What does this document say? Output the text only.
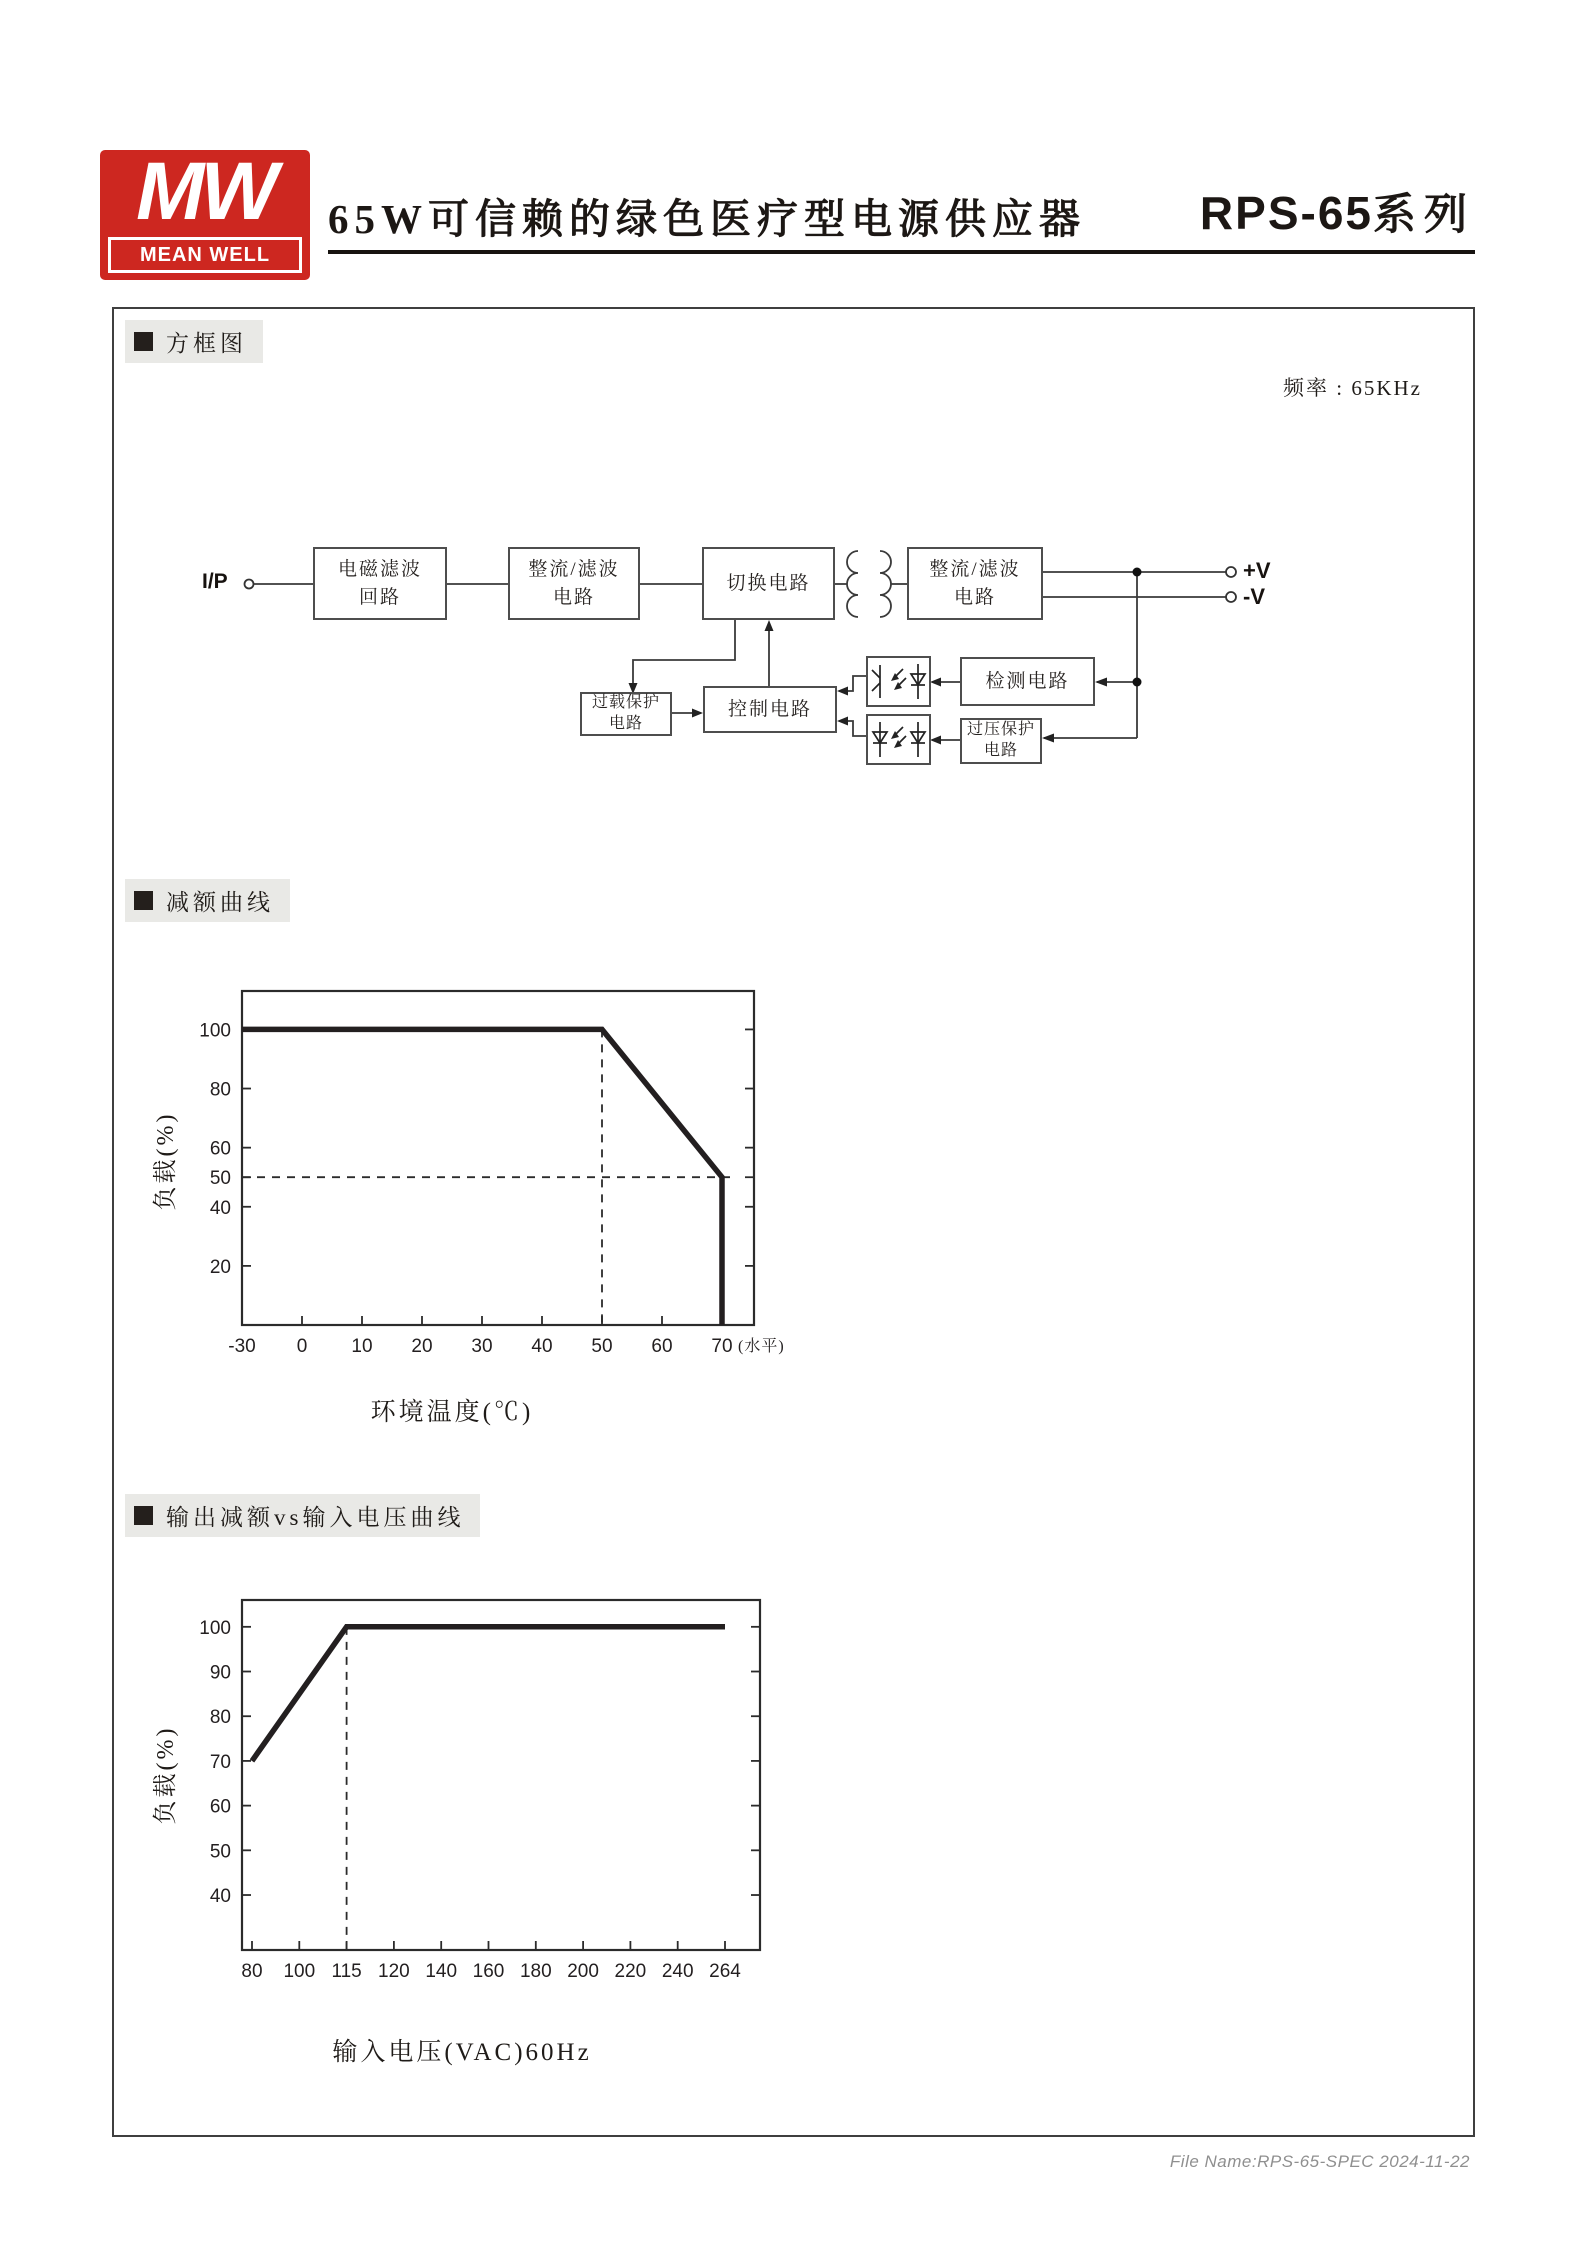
MW
MEAN WELL
65W可信赖的绿色医疗型电源供应器 RPS-65系列
方框图
减额曲线
输出减额vs输入电压曲线
频率 : 65KHz
I/P	+V
-V
电磁滤波
回路
整流/滤波
电路
切换电路
整流/滤波
电路
检测电路
过压保护
电路
过载保护
电路
控制电路
20
40
50
60
80
100
-30 0 10 20 30 40 50 60 70 (水平)
负载(%)
环境温度(℃)
40
50
60
70
80
90
100
80 100 115 120 140 160 180 200 220 240 264
负载(%)
输入电压(VAC)60Hz
File Name:RPS-65-SPEC 2024-11-22
